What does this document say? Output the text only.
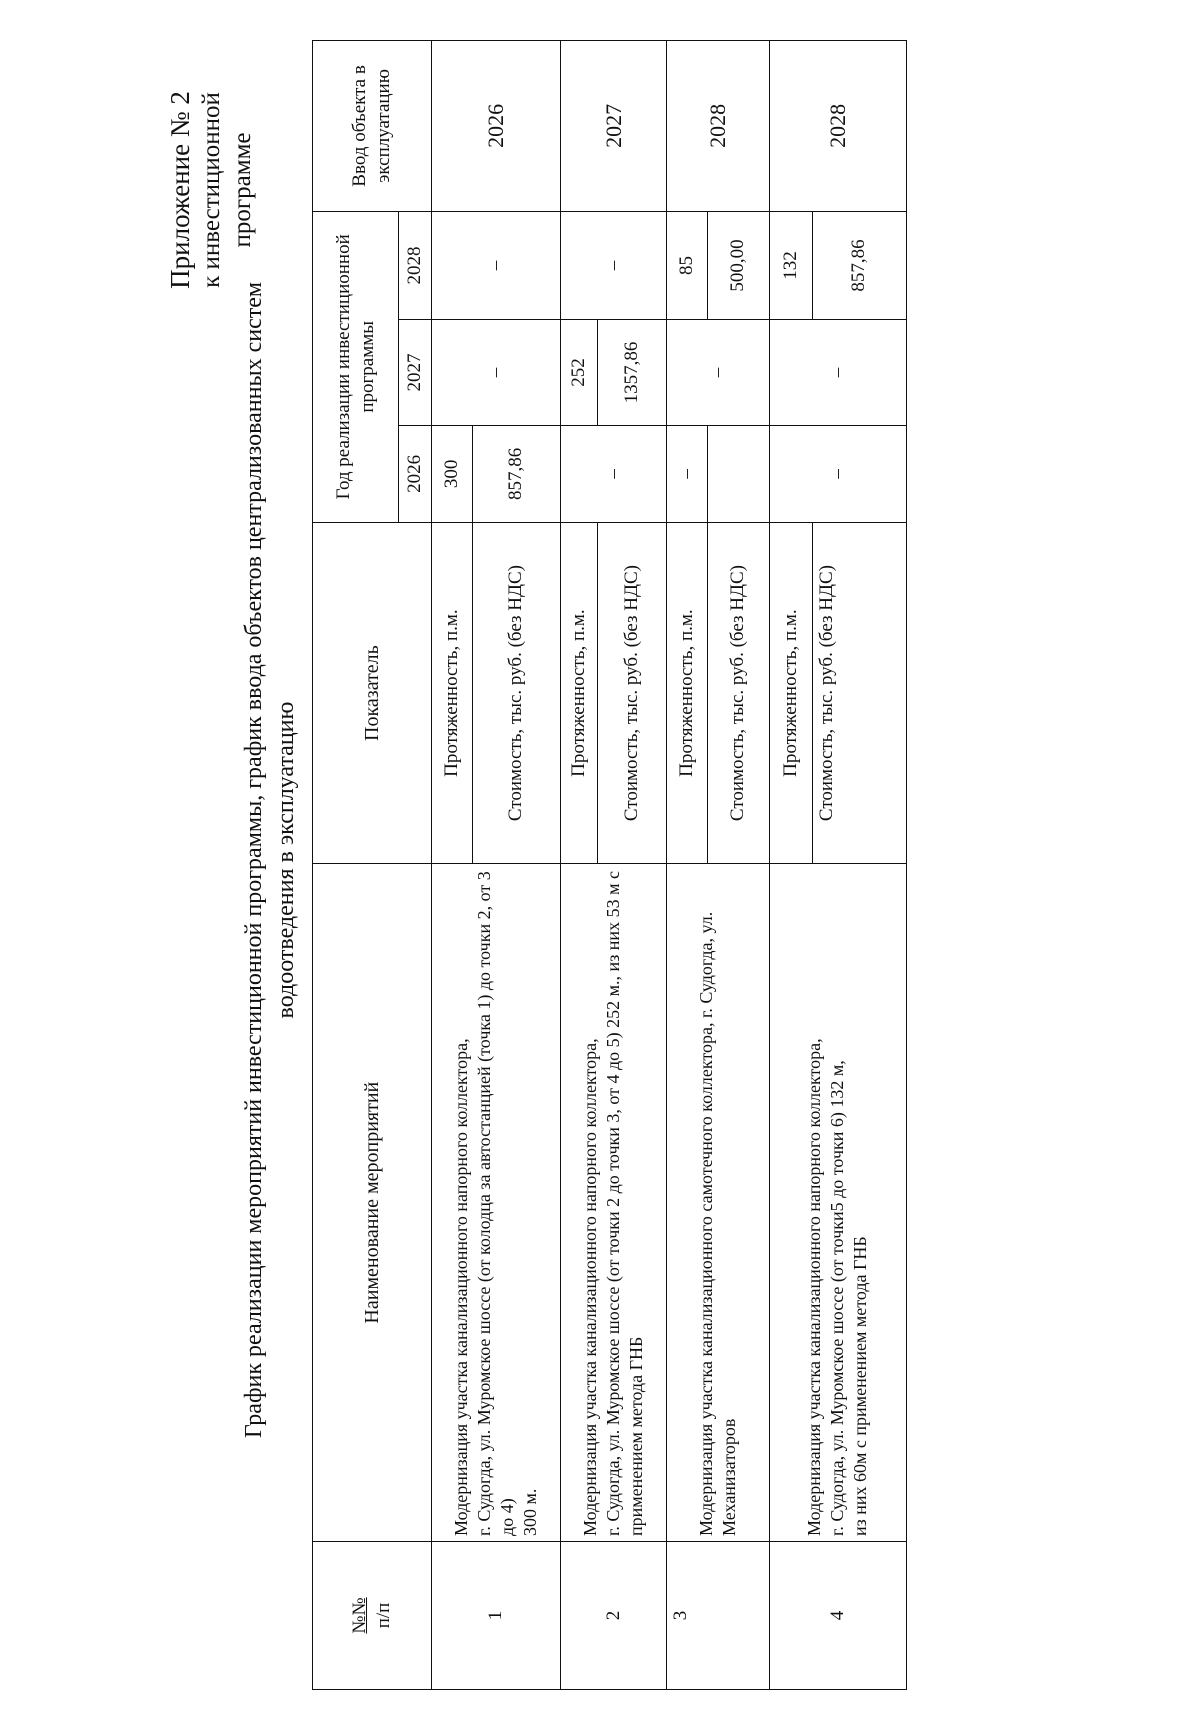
Приложение № 2 к инвестиционной программе
График реализации мероприятий инвестиционной программы, график ввода объектов централизованных систем водоотведения в эксплуатацию
№№ п/п	Наименование мероприятий	Показатель	Год реализации инвестиционной программы			Ввод объекта в эксплуатацию
			2026	2027	2028	
1	Модернизация участка канализационного напорного коллектора, г. Судогда, ул. Муромское шоссе (от колодца за автостанцией (точка 1) до точки 2, от 3 до 4) 300 м.	Протяженность, п.м.	300	–	–	2026
		Стоимость, тыс. руб. (без НДС)	857,86			
2	Модернизация участка канализационного напорного коллектора, г. Судогда, ул. Муромское шоссе (от точки 2 до точки 3, от 4 до 5) 252 м., из них 53 м с применением метода ГНБ	Протяженность, п.м.	–	252	–	2027
		Стоимость, тыс. руб. (без НДС)		1357,86		
3	Модернизация участка канализационного самотечного коллектора, г. Судогда, ул. Механизаторов	Протяженность, п.м.	–	–	85	2028
		Стоимость, тыс. руб. (без НДС)			500,00	
4	Модернизация участка канализационного напорного коллектора, г. Судогда, ул. Муромское шоссе (от точки5 до точки 6) 132 м, из них 60м с применением метода ГНБ	Протяженность, п.м.	–	–	132	2028
		Стоимость, тыс. руб. (без НДС)			857,86	
